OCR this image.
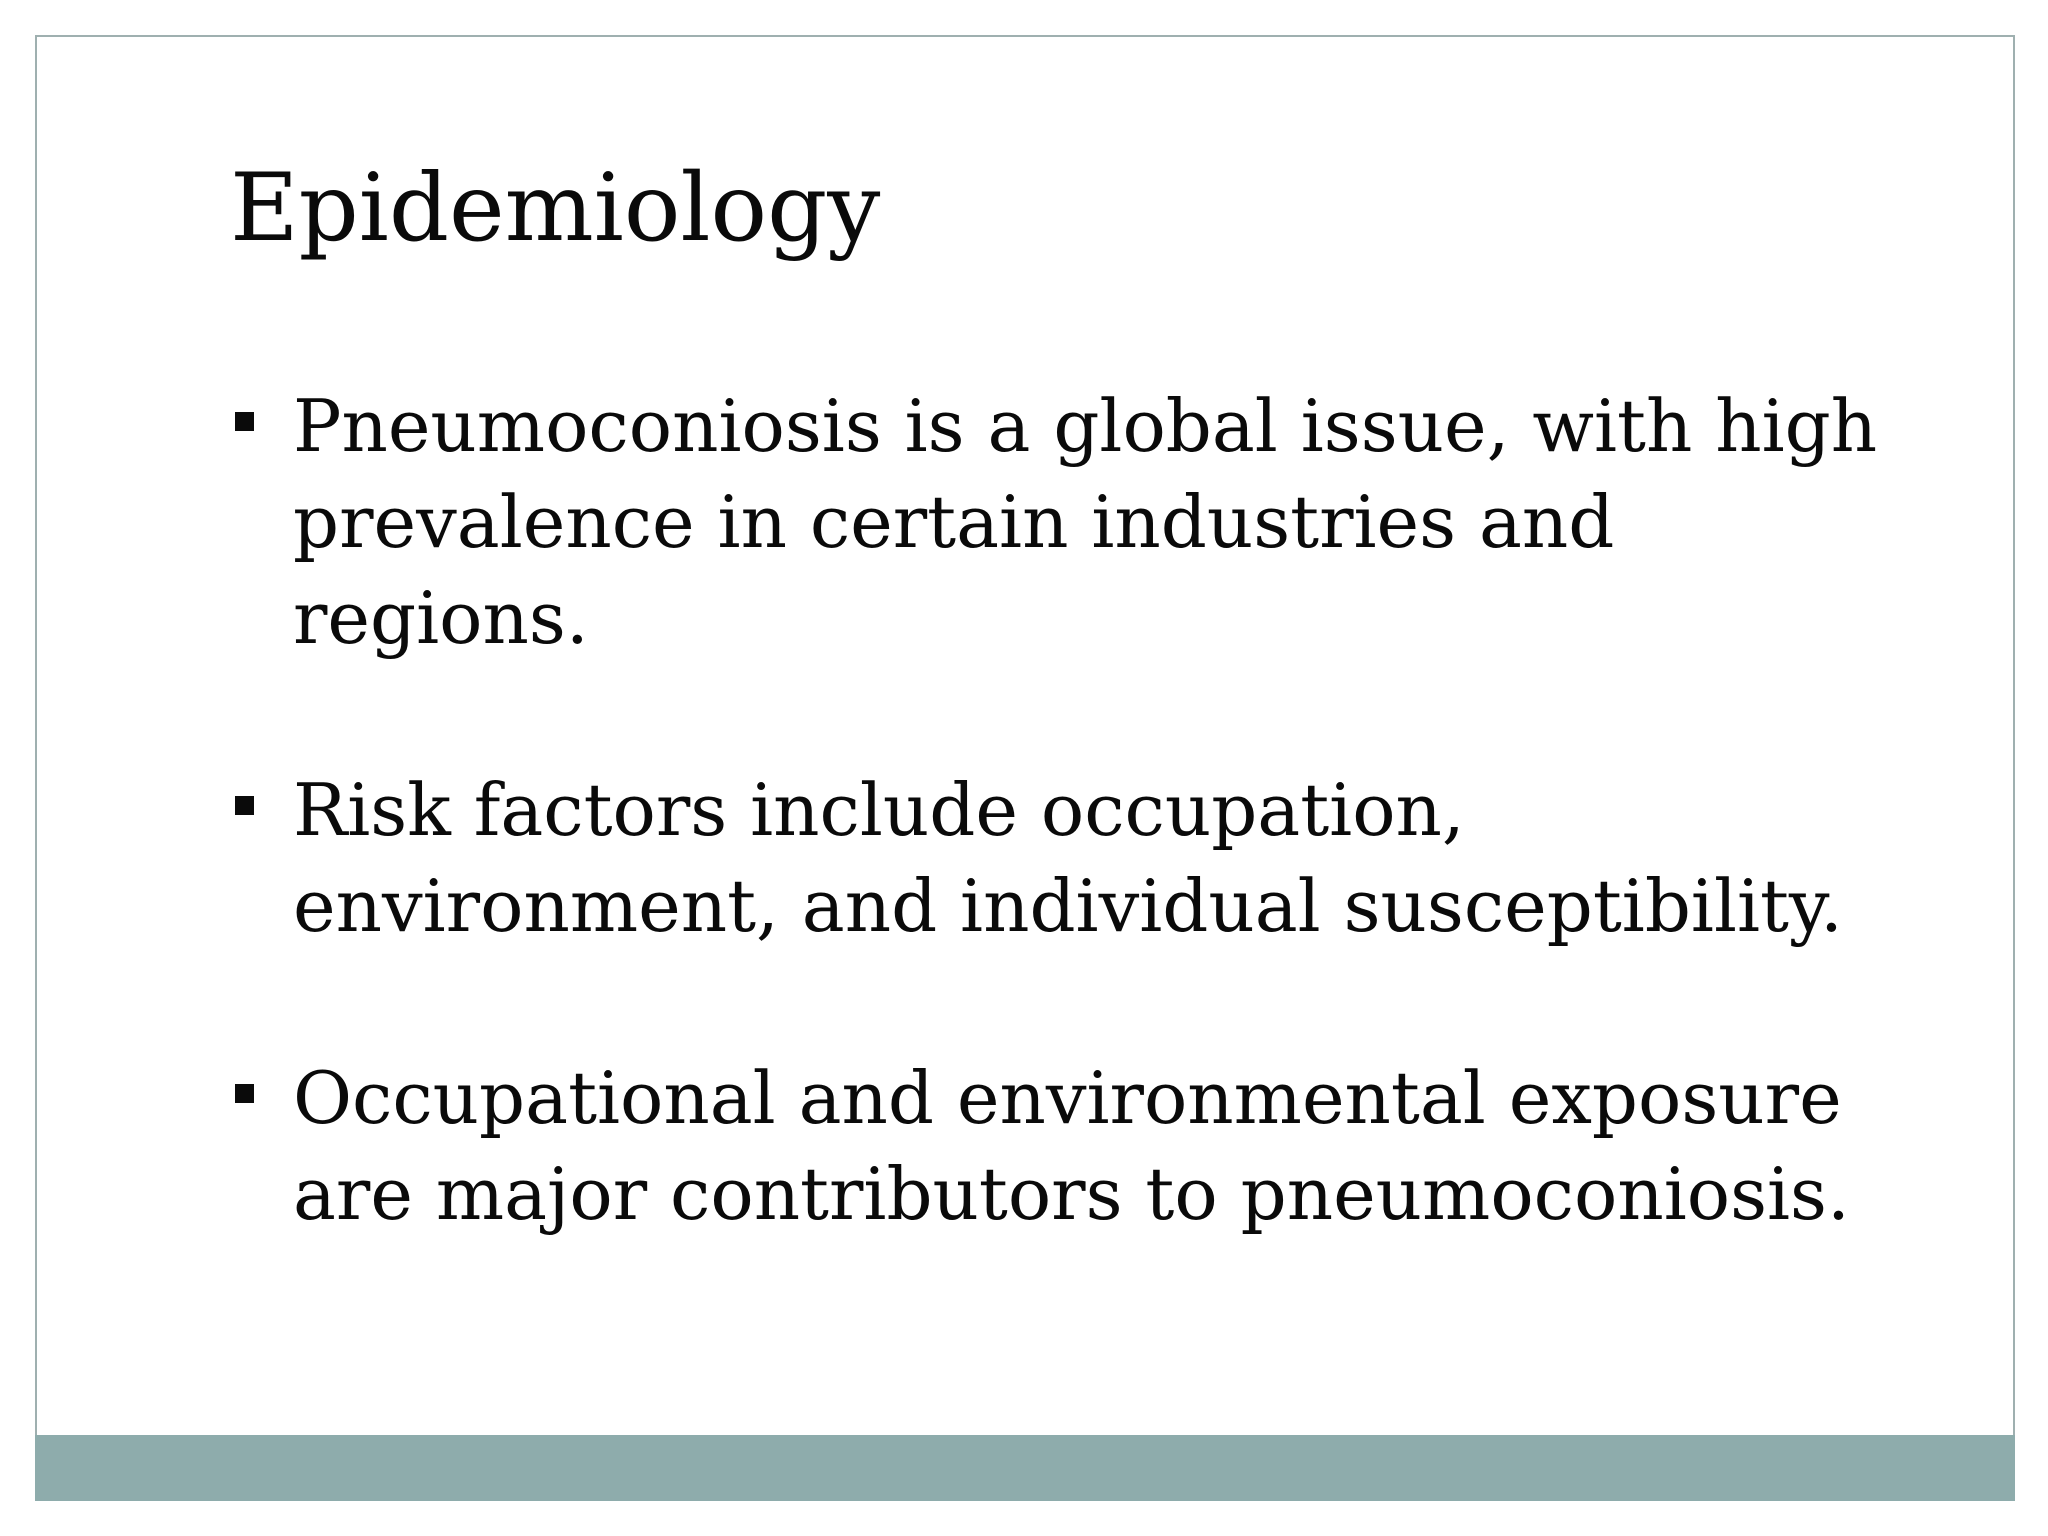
Epidemiology
Pneumoconiosis is a global issue, with high prevalence in certain industries and regions.
Risk factors include occupation, environment, and individual susceptibility.
Occupational and environmental exposure are major contributors to pneumoconiosis.
